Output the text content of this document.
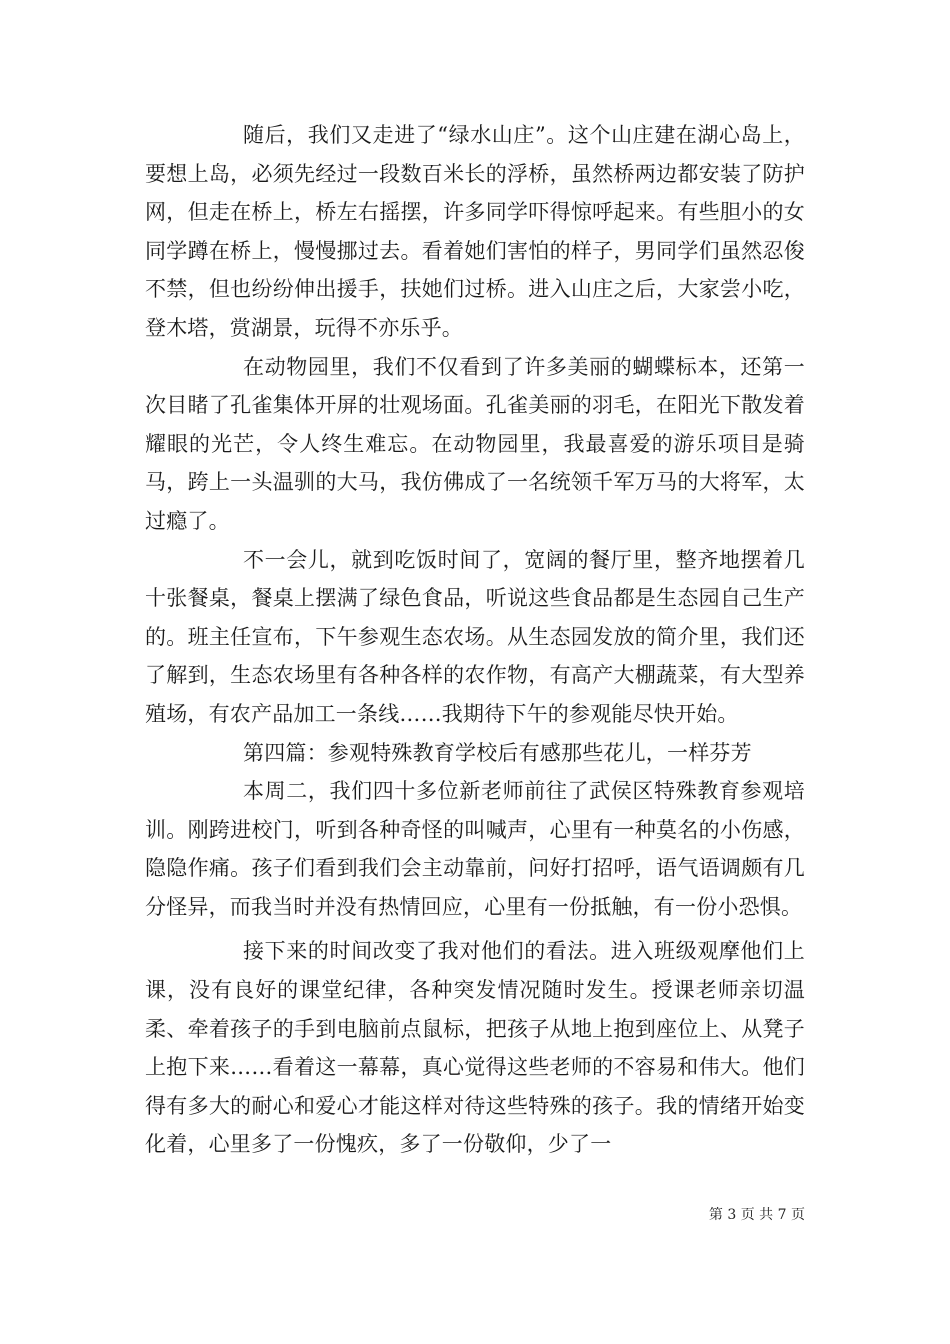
随后，我们又走进了“绿水山庄”。这个山庄建在湖心岛上，要想上岛，必须先经过一段数百米长的浮桥，虽然桥两边都安装了防护网，但走在桥上，桥左右摇摆，许多同学吓得惊呼起来。有些胆小的女同学蹲在桥上，慢慢挪过去。看着她们害怕的样子，男同学们虽然忍俊不禁，但也纷纷伸出援手，扶她们过桥。进入山庄之后，大家尝小吃，登木塔，赏湖景，玩得不亦乐乎。

在动物园里，我们不仅看到了许多美丽的蝴蝶标本，还第一次目睹了孔雀集体开屏的壮观场面。孔雀美丽的羽毛，在阳光下散发着耀眼的光芒，令人终生难忘。在动物园里，我最喜爱的游乐项目是骑马，跨上一头温驯的大马，我仿佛成了一名统领千军万马的大将军，太过瘾了。

不一会儿，就到吃饭时间了，宽阔的餐厅里，整齐地摆着几十张餐桌，餐桌上摆满了绿色食品，听说这些食品都是生态园自己生产的。班主任宣布，下午参观生态农场。从生态园发放的简介里，我们还了解到，生态农场里有各种各样的农作物，有高产大棚蔬菜，有大型养殖场，有农产品加工一条线……我期待下午的参观能尽快开始。

第四篇：参观特殊教育学校后有感那些花儿，一样芬芳

本周二，我们四十多位新老师前往了武侯区特殊教育参观培训。刚跨进校门，听到各种奇怪的叫喊声，心里有一种莫名的小伤感，隐隐作痛。孩子们看到我们会主动靠前，问好打招呼，语气语调颇有几分怪异，而我当时并没有热情回应，心里有一份抵触，有一份小恐惧。

接下来的时间改变了我对他们的看法。进入班级观摩他们上课，没有良好的课堂纪律，各种突发情况随时发生。授课老师亲切温柔、牵着孩子的手到电脑前点鼠标，把孩子从地上抱到座位上、从凳子上抱下来……看着这一幕幕，真心觉得这些老师的不容易和伟大。他们得有多大的耐心和爱心才能这样对待这些特殊的孩子。我的情绪开始变化着，心里多了一份愧疚，多了一份敬仰，少了一

第 3 页 共 7 页
